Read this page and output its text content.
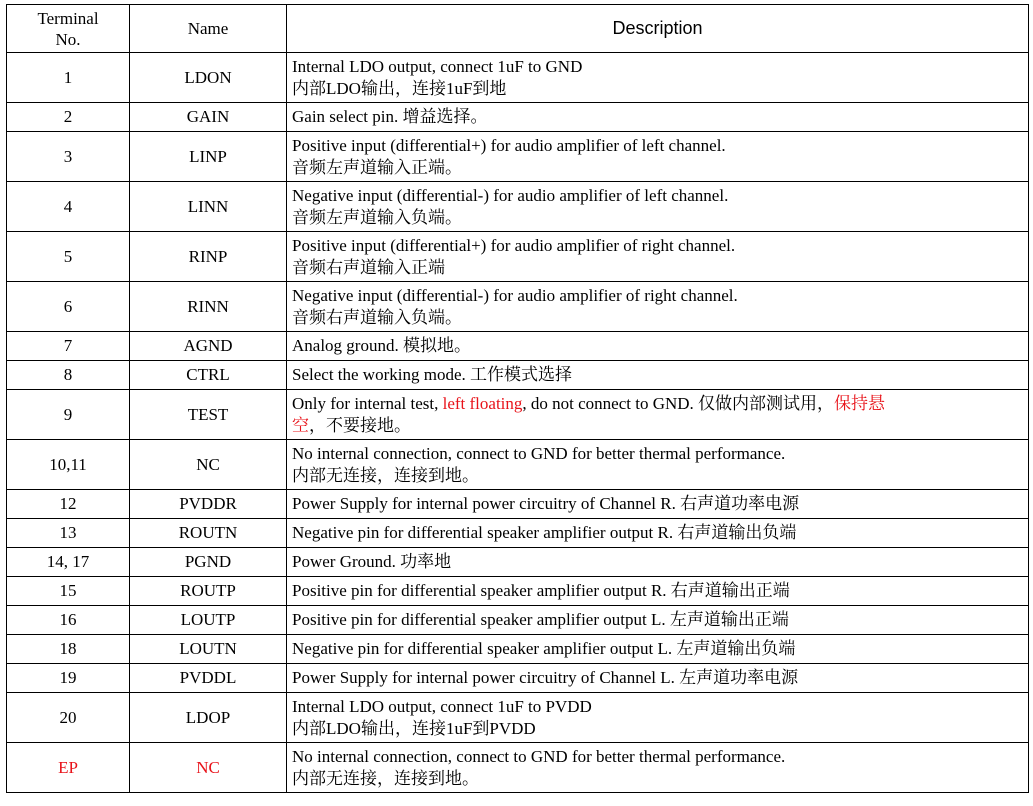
Terminal
No.	Name	Description
1	LDON	Internal LDO output, connect 1uF to GND
内部LDO输出，连接1uF到地

2	GAIN	Gain select pin. 增益选择。

3	LINP	Positive input (differential+) for audio amplifier of left channel.
音频左声道输入正端。

4	LINN	Negative input (differential-) for audio amplifier of left channel.
音频左声道输入负端。

5	RINP	Positive input (differential+) for audio amplifier of right channel.
音频右声道输入正端

6	RINN	Negative input (differential-) for audio amplifier of right channel.
音频右声道输入负端。

7	AGND	Analog ground. 模拟地。

8	CTRL	Select the working mode. 工作模式选择

9	TEST	Only for internal test, left floating, do not connect to GND. 仅做内部测试用，保持悬
空，不要接地。

10,11	NC	No internal connection, connect to GND for better thermal performance.
内部无连接，连接到地。

12	PVDDR	Power Supply for internal power circuitry of Channel R. 右声道功率电源

13	ROUTN	Negative pin for differential speaker amplifier output R. 右声道输出负端

14, 17	PGND	Power Ground. 功率地

15	ROUTP	Positive pin for differential speaker amplifier output R. 右声道输出正端

16	LOUTP	Positive pin for differential speaker amplifier output L. 左声道输出正端

18	LOUTN	Negative pin for differential speaker amplifier output L. 左声道输出负端

19	PVDDL	Power Supply for internal power circuitry of Channel L. 左声道功率电源

20	LDOP	Internal LDO output, connect 1uF to PVDD
内部LDO输出，连接1uF到PVDD

EP	NC	No internal connection, connect to GND for better thermal performance.
内部无连接，连接到地。
